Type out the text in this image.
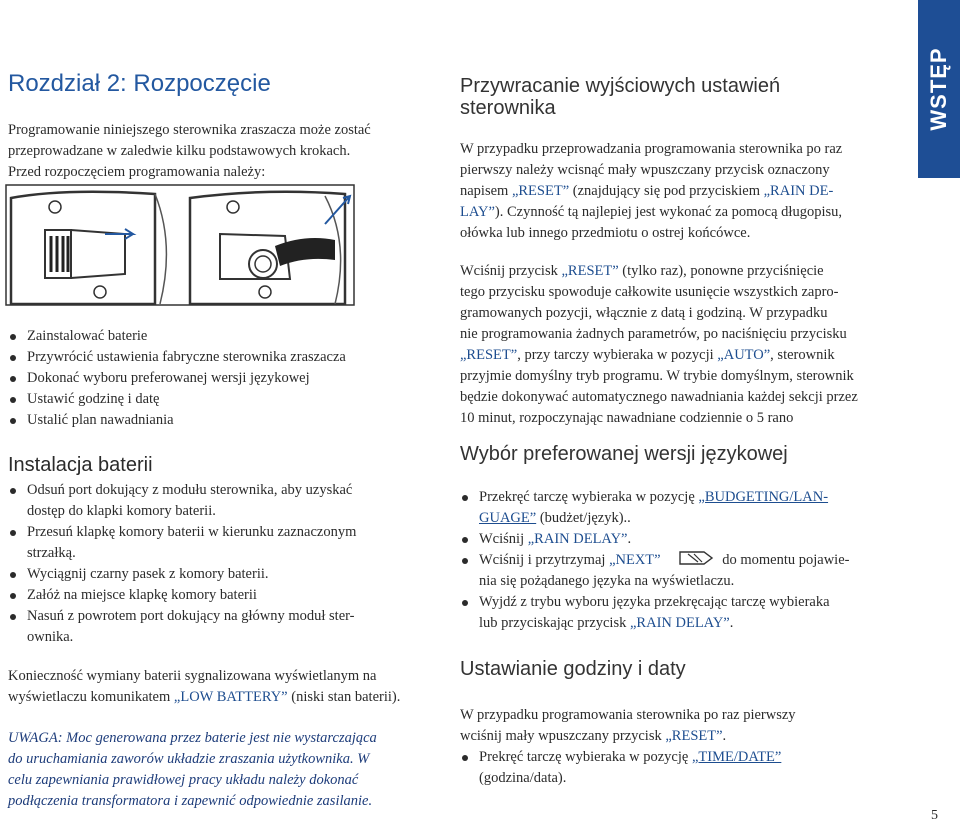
WSTĘP
Rozdział 2: Rozpoczęcie
Programowanie niniejszego sterownika zraszacza może zostać
przeprowadzane w zaledwie kilku podstawowych krokach.
Przed rozpoczęciem programowania należy:
Zainstalować baterie
Przywrócić ustawienia fabryczne sterownika zraszacza
Dokonać wyboru preferowanej wersji językowej
Ustawić godzinę i datę
Ustalić plan nawadniania
Instalacja baterii
Odsuń port dokujący z modułu sterownika, aby uzyskać
dostęp do klapki komory baterii.
Przesuń klapkę komory baterii w kierunku zaznaczonym
strzałką.
Wyciągnij czarny pasek z komory baterii.
Załóż na miejsce klapkę komory baterii
Nasuń z powrotem port dokujący na główny moduł ster-
ownika.
Konieczność wymiany baterii sygnalizowana wyświetlanym na
wyświetlaczu komunikatem „LOW BATTERY” (niski stan baterii).
UWAGA: Moc generowana przez baterie jest nie wystarczająca
do uruchamiania zaworów układzie zraszania użytkownika. W
celu zapewniania prawidłowej pracy układu należy dokonać
podłączenia transformatora i zapewnić odpowiednie zasilanie.
Przywracanie wyjściowych ustawień
sterownika
W przypadku przeprowadzania programowania sterownika po raz
pierwszy należy wcisnąć mały wpuszczany przycisk oznaczony
napisem „RESET” (znajdujący się pod przyciskiem „RAIN DE-
LAY”). Czynność tą najlepiej jest wykonać za pomocą długopisu,
ołówka lub innego przedmiotu o ostrej końcówce.
Wciśnij przycisk „RESET” (tylko raz), ponowne przyciśnięcie
tego przycisku spowoduje całkowite usunięcie wszystkich zapro-
gramowanych pozycji, włącznie z datą i godziną. W przypadku
nie programowania żadnych parametrów, po naciśnięciu przycisku
„RESET”, przy tarczy wybieraka w pozycji „AUTO”, sterownik
przyjmie domyślny tryb programu. W trybie domyślnym, sterownik
będzie dokonywać automatycznego nawadniania każdej sekcji przez
10 minut, rozpoczynając nawadniane codziennie o 5 rano
Wybór preferowanej wersji językowej
Przekręć tarczę wybieraka w pozycję „BUDGETING/LAN-
GUAGE” (budżet/język)..
Wciśnij „RAIN DELAY”.
Wciśnij i przytrzymaj „NEXT”	do momentu pojawie-
nia się pożądanego języka na wyświetlaczu.
Wyjdź z trybu wyboru języka przekręcając tarczę wybieraka
lub przyciskając przycisk „RAIN DELAY”.
Ustawianie godziny i daty
W przypadku programowania sterownika po raz pierwszy
wciśnij mały wpuszczany przycisk „RESET”.
Prekręć tarczę wybieraka w pozycję „TIME/DATE”
(godzina/data).
5
